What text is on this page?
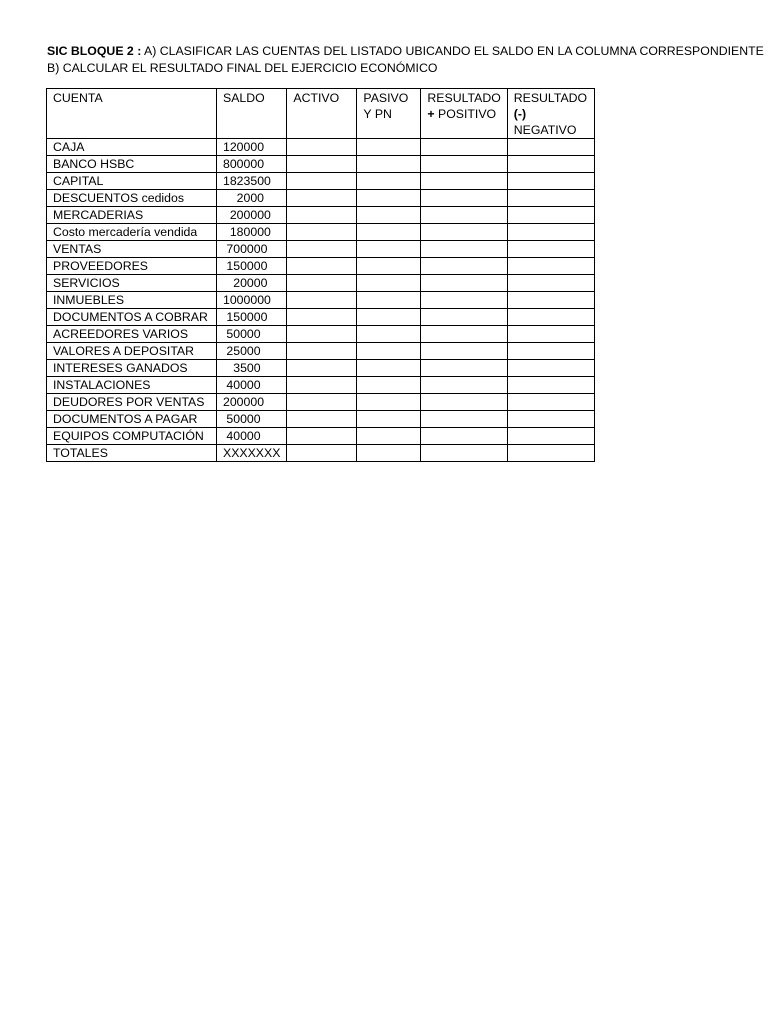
SIC BLOQUE 2 : A) CLASIFICAR LAS CUENTAS DEL LISTADO UBICANDO EL SALDO EN LA COLUMNA CORRESPONDIENTE
B) CALCULAR EL RESULTADO FINAL DEL EJERCICIO ECONÓMICO
CUENTA	SALDO	ACTIVO	PASIVO Y PN	RESULTADO + POSITIVO	RESULTADO (-) NEGATIVO
CAJA	120000				
BANCO HSBC	800000				
CAPITAL	1823500				
DESCUENTOS cedidos	2000				
MERCADERIAS	200000				
Costo mercadería vendida	180000				
VENTAS	700000				
PROVEEDORES	150000				
SERVICIOS	20000				
INMUEBLES	1000000				
DOCUMENTOS A COBRAR	150000				
ACREEDORES VARIOS	50000				
VALORES A DEPOSITAR	25000				
INTERESES GANADOS	3500				
INSTALACIONES	40000				
DEUDORES POR VENTAS	200000				
DOCUMENTOS A PAGAR	50000				
EQUIPOS COMPUTACIÓN	40000				
TOTALES	XXXXXXX				
